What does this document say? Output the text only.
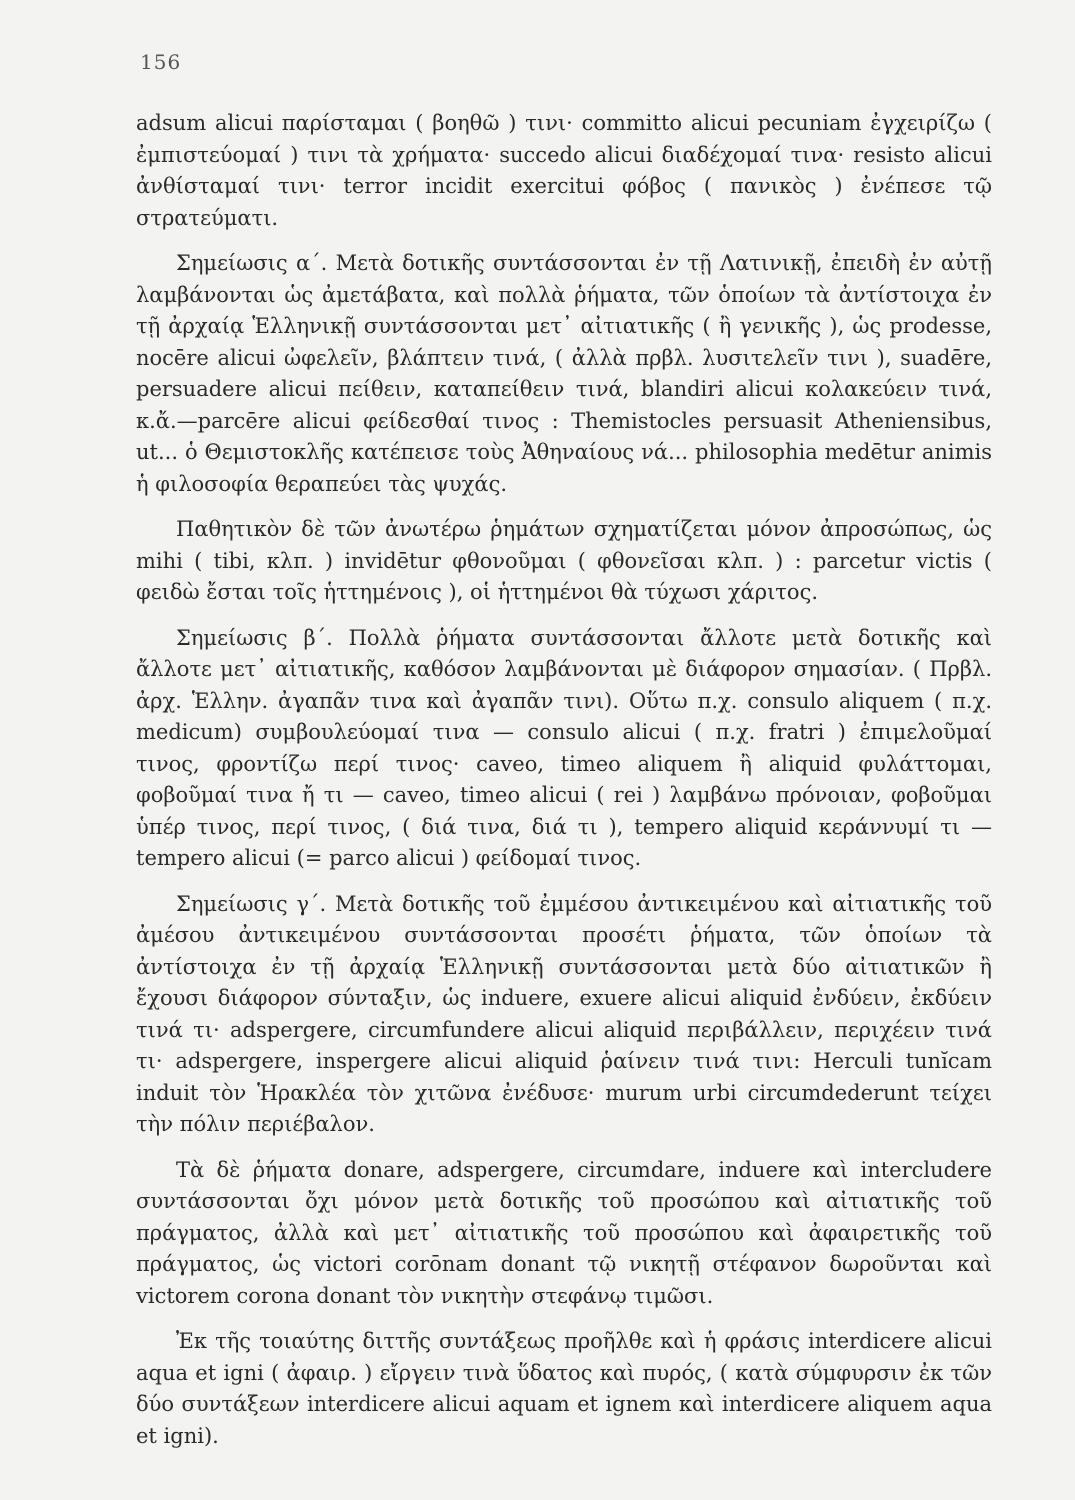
156

adsum alicui παρίσταμαι ( βοηθῶ ) τινι· committo alicui pecuniam ἐγχειρίζω ( ἐμπιστεύομαί ) τινι τὰ χρήματα· succedo alicui διαδέχομαί τινα· resisto alicui ἀνθίσταμαί τινι· terror incidit exercitui φόβος ( πανικὸς ) ἐνέπεσε τῷ στρατεύματι.

Σημείωσις α΄. Μετὰ δοτικῆς συντάσσονται ἐν τῇ Λατινικῇ, ἐπειδὴ ἐν αὐτῇ λαμβάνονται ὡς ἀμετάβατα, καὶ πολλὰ ῥήματα, τῶν ὁποίων τὰ ἀντίστοιχα ἐν τῇ ἀρχαίᾳ Ἑλληνικῇ συντάσσονται μετ᾿ αἰτιατικῆς ( ἢ γενικῆς ), ὡς prodesse, nocēre alicui ὠφελεῖν, βλάπτειν τινά, ( ἀλλὰ πρβλ. λυσιτελεῖν τινι ), suadēre, persuadere alicui πείθειν, καταπείθειν τινά, blandiri alicui κολακεύειν τινά, κ.ἄ.—parcēre alicui φείδεσθαί τινος : Themistocles persuasit Atheniensibus, ut... ὁ Θεμιστοκλῆς κατέπεισε τοὺς Ἀθηναίους νά... philosophia medētur animis ἡ φιλοσοφία θεραπεύει τὰς ψυχάς.

Παθητικὸν δὲ τῶν ἀνωτέρω ῥημάτων σχηματίζεται μόνον ἀπροσώπως, ὡς mihi ( tibi, κλπ. ) invidētur φθονοῦμαι ( φθονεῖσαι κλπ. ) : parcetur victis ( φειδὼ ἔσται τοῖς ἡττημένοις ), οἱ ἡττημένοι θὰ τύχωσι χάριτος.

Σημείωσις β΄. Πολλὰ ῥήματα συντάσσονται ἄλλοτε μετὰ δοτικῆς καὶ ἄλλοτε μετ᾿ αἰτιατικῆς, καθόσον λαμβάνονται μὲ διάφορον σημασίαν. ( Πρβλ. ἀρχ. Ἑλλην. ἀγαπᾶν τινα καὶ ἀγαπᾶν τινι). Οὕτω π.χ. consulo aliquem ( π.χ. medicum) συμβουλεύομαί τινα — consulo alicui ( π.χ. fratri ) ἐπιμελοῦμαί τινος, φροντίζω περί τινος· caveo, timeo aliquem ἢ aliquid φυλάττομαι, φοβοῦμαί τινα ἤ τι — caveo, timeo alicui ( rei ) λαμβάνω πρόνοιαν, φοβοῦμαι ὑπέρ τινος, περί τινος, ( διά τινα, διά τι ), tempero aliquid κεράννυμί τι — tempero alicui (= parco alicui ) φείδομαί τινος.

Σημείωσις γ΄. Μετὰ δοτικῆς τοῦ ἐμμέσου ἀντικειμένου καὶ αἰτιατικῆς τοῦ ἀμέσου ἀντικειμένου συντάσσονται προσέτι ῥήματα, τῶν ὁποίων τὰ ἀντίστοιχα ἐν τῇ ἀρχαίᾳ Ἑλληνικῇ συντάσσονται μετὰ δύο αἰτιατικῶν ἢ ἔχουσι διάφορον σύνταξιν, ὡς induere, exuere alicui aliquid ἐνδύειν, ἐκδύειν τινά τι· adspergere, circumfundere alicui aliquid περιβάλλειν, περιχέειν τινά τι· adspergere, inspergere alicui aliquid ῥαίνειν τινά τινι: Herculi tunĭcam induit τὸν Ἡρακλέα τὸν χιτῶνα ἐνέδυσε· murum urbi circumdederunt τείχει τὴν πόλιν περιέβαλον.

Τὰ δὲ ῥήματα donare, adspergere, circumdare, induere καὶ intercludere συντάσσονται ὄχι μόνον μετὰ δοτικῆς τοῦ προσώπου καὶ αἰτιατικῆς τοῦ πράγματος, ἀλλὰ καὶ μετ᾿ αἰτιατικῆς τοῦ προσώπου καὶ ἀφαιρετικῆς τοῦ πράγματος, ὡς victori corōnam donant τῷ νικητῇ στέφανον δωροῦνται καὶ victorem corona donant τὸν νικητὴν στεφάνῳ τιμῶσι.

Ἐκ τῆς τοιαύτης διττῆς συντάξεως προῆλθε καὶ ἡ φράσις interdicere alicui aqua et igni ( ἀφαιρ. ) εἴργειν τινὰ ὕδατος καὶ πυρός, ( κατὰ σύμφυρσιν ἐκ τῶν δύο συντάξεων interdicere alicui aquam et ignem καὶ interdicere aliquem aqua et igni).
